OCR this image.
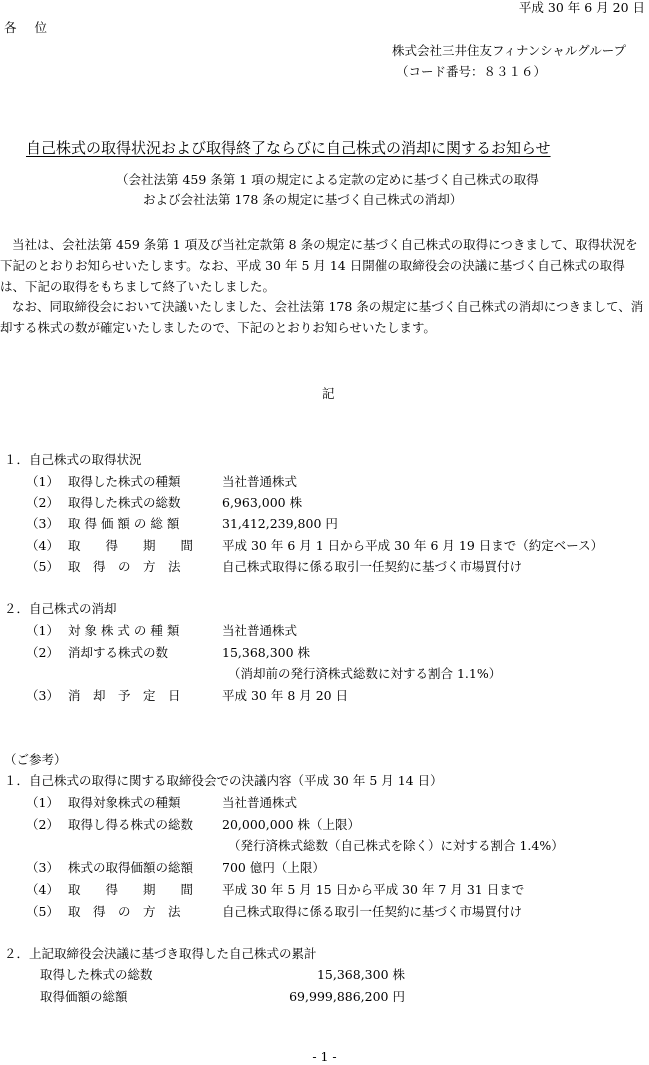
平成 30 年 6 月 20 日
各位
株式会社三井住友フィナンシャルグループ
（コード番号：８３１６）
自己株式の取得状況および取得終了ならびに自己株式の消却に関するお知らせ
（会社法第 459 条第 1 項の規定による定款の定めに基づく自己株式の取得
および会社法第 178 条の規定に基づく自己株式の消却）
当社は、会社法第 459 条第 1 項及び当社定款第 8 条の規定に基づく自己株式の取得につきまして、取得状況を下記のとおりお知らせいたします。なお、平成 30 年 5 月 14 日開催の取締役会の決議に基づく自己株式の取得は、下記の取得をもちまして終了いたしました。
なお、同取締役会において決議いたしました、会社法第 178 条の規定に基づく自己株式の消却につきまして、消却する株式の数が確定いたしましたので、下記のとおりお知らせいたします。
記
１．自己株式の取得状況
（1） 取得した株式の種類	当社普通株式
（2） 取得した株式の総数	6,963,000 株
（3） 取 得 価 額 の 総 額	31,412,239,800 円
（4） 取　　得　　期　　間 平成 30 年 6 月 1 日から平成 30 年 6 月 19 日まで（約定ベース）
（5） 取　得　の　方　法	自己株式取得に係る取引一任契約に基づく市場買付け
２．自己株式の消却
（1） 対 象 株 式 の 種 類	当社普通株式
（2） 消却する株式の数	15,368,300 株
（消却前の発行済株式総数に対する割合 1.1%）
（3） 消　却　予　定　日	平成 30 年 8 月 20 日
（ご参考）
１．自己株式の取得に関する取締役会での決議内容（平成 30 年 5 月 14 日）
（1） 取得対象株式の種類	当社普通株式
（2） 取得し得る株式の総数 20,000,000 株（上限）
（発行済株式総数（自己株式を除く）に対する割合 1.4%）
（3） 株式の取得価額の総額 700 億円（上限）
（4） 取　　得　　期　　間 平成 30 年 5 月 15 日から平成 30 年 7 月 31 日まで
（5） 取　得　の　方　法	自己株式取得に係る取引一任契約に基づく市場買付け
２．上記取締役会決議に基づき取得した自己株式の累計
取得した株式の総数	15,368,300 株
取得価額の総額	69,999,886,200 円
- 1 -
